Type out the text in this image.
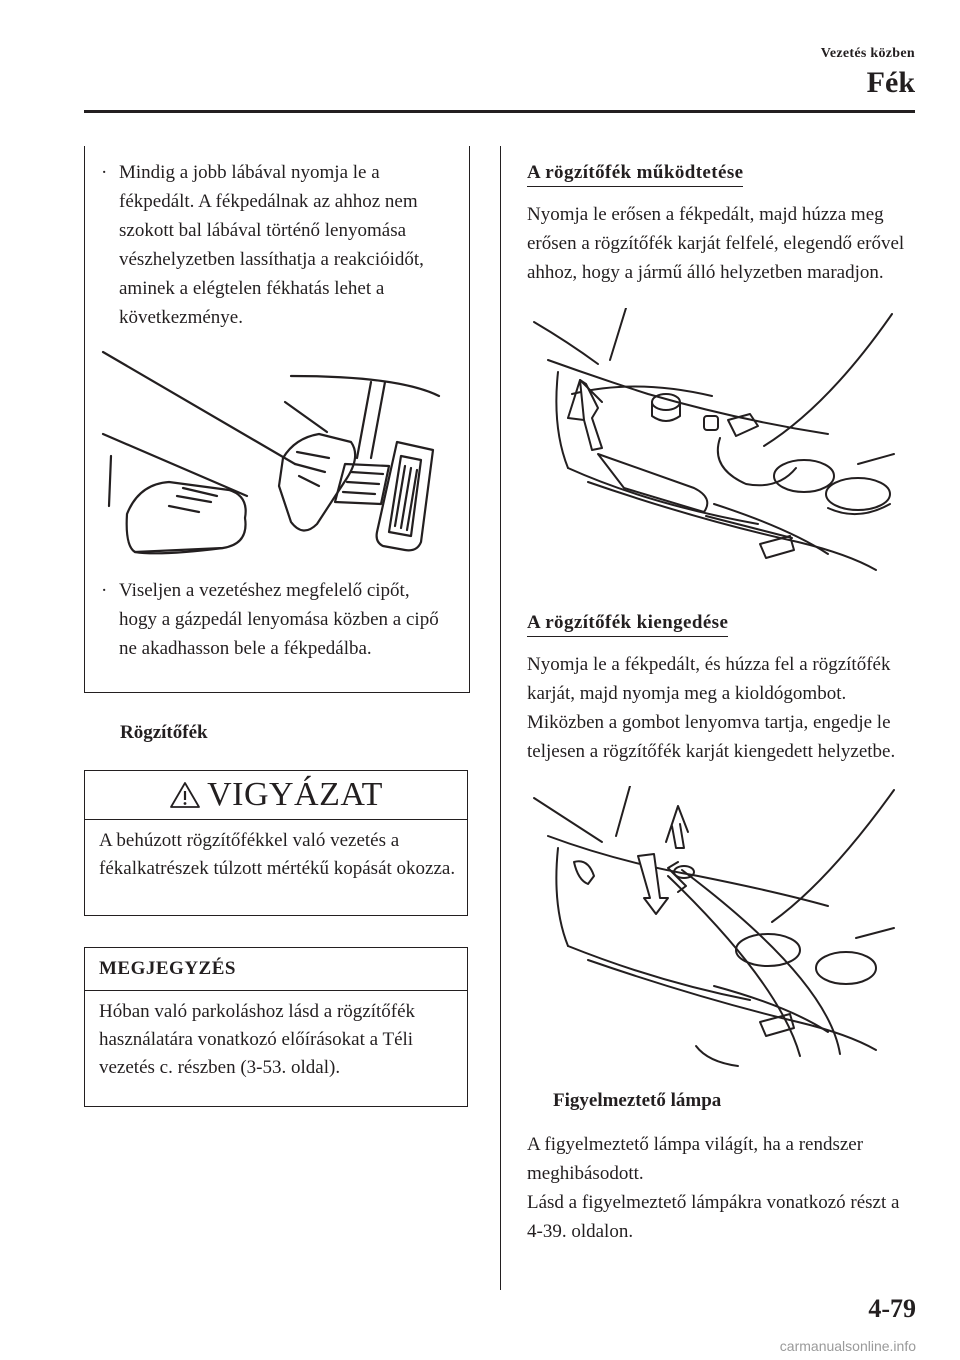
Vezetés közben
Fék
· Mindig a jobb lábával nyomja le a fékpedált. A fékpedálnak az ahhoz nem szokott bal lábával történő lenyomása vészhelyzetben lassíthatja a reakcióidőt, aminek a elégtelen fékhatás lehet a következménye.
· Viseljen a vezetéshez megfelelő cipőt, hogy a gázpedál lenyomása közben a cipő ne akadhasson bele a fékpedálba.
Rögzítőfék
VIGYÁZAT
A behúzott rögzítőfékkel való vezetés a fékalkatrészek túlzott mértékű kopását okozza.
MEGJEGYZÉS
Hóban való parkoláshoz lásd a rögzítőfék használatára vonatkozó előírásokat a Téli vezetés c. részben (3-53. oldal).
A rögzítőfék működtetése
Nyomja le erősen a fékpedált, majd húzza meg erősen a rögzítőfék karját felfelé, elegendő erővel ahhoz, hogy a jármű álló helyzetben maradjon.
A rögzítőfék kiengedése
Nyomja le a fékpedált, és húzza fel a rögzítőfék karját, majd nyomja meg a kioldógombot. Miközben a gombot lenyomva tartja, engedje le teljesen a rögzítőfék karját kiengedett helyzetbe.
Figyelmeztető lámpa
A figyelmeztető lámpa világít, ha a rendszer meghibásodott.
Lásd a figyelmeztető lámpákra vonatkozó részt a 4-39. oldalon.
4-79
carmanualsonline.info
